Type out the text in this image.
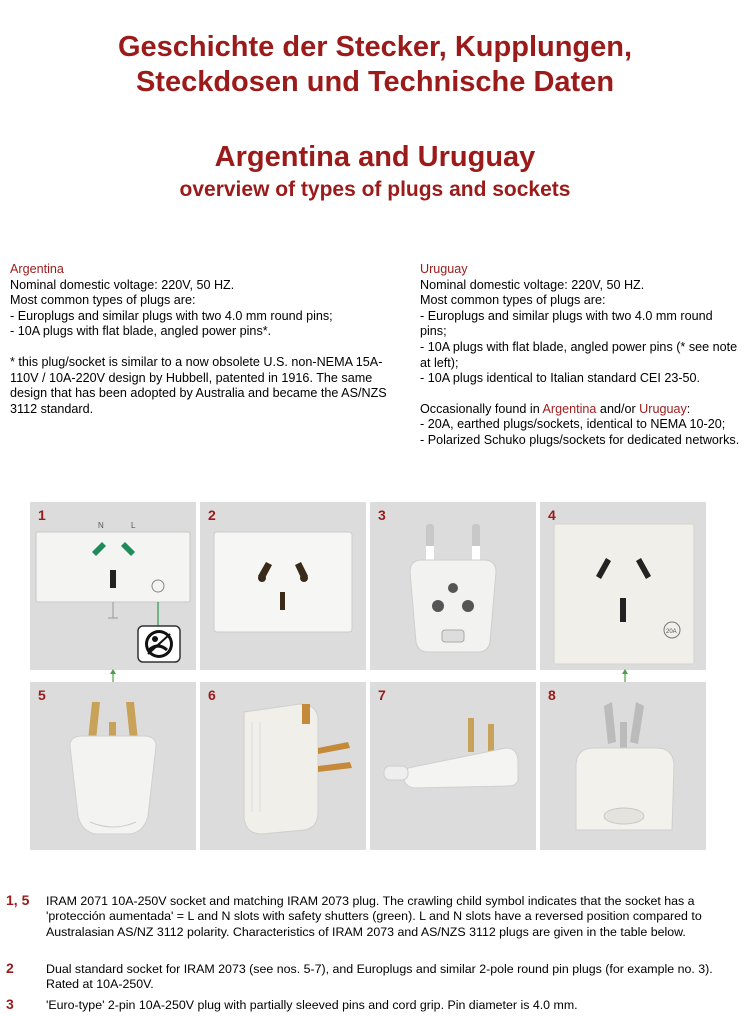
Geschichte der Stecker, Kupplungen,
Steckdosen und Technische Daten
Argentina and Uruguay
overview of types of plugs and sockets
Argentina
Nominal domestic voltage: 220V, 50 HZ.
Most common types of plugs are:
- Europlugs and similar plugs with two 4.0 mm round pins;
- 10A plugs with flat blade, angled power pins*.
* this plug/socket is similar to a now obsolete U.S. non-NEMA 15A-110V / 10A-220V design by Hubbell, patented in 1916. The same design that has been adopted by Australia and became the AS/NZS 3112 standard.
Uruguay
Nominal domestic voltage: 220V, 50 HZ.
Most common types of plugs are:
- Europlugs and similar plugs with two 4.0 mm round pins;
- 10A plugs with flat blade, angled power pins (* see note at left);
- 10A plugs identical to Italian standard CEI 23-50.
Occasionally found in Argentina and/or Uruguay:
- 20A, earthed plugs/sockets, identical to NEMA 10-20;
- Polarized Schuko plugs/sockets for dedicated networks.
1
N	L
2	3	4
20A
5	6	7	8
1, 5 IRAM 2071 10A-250V socket and matching IRAM 2073 plug. The crawling child symbol indicates that the socket has a 'protección aumentada' = L and N slots with safety shutters (green). L and N slots have a reversed position compared to Australasian AS/NZ 3112 polarity. Characteristics of IRAM 2073 and AS/NZS 3112 plugs are given in the table below.
2	Dual standard socket for IRAM 2073 (see nos. 5-7), and Europlugs and similar 2-pole round pin plugs (for example no. 3). Rated at 10A-250V.
3	'Euro-type' 2-pin 10A-250V plug with partially sleeved pins and cord grip. Pin diameter is 4.0 mm.
